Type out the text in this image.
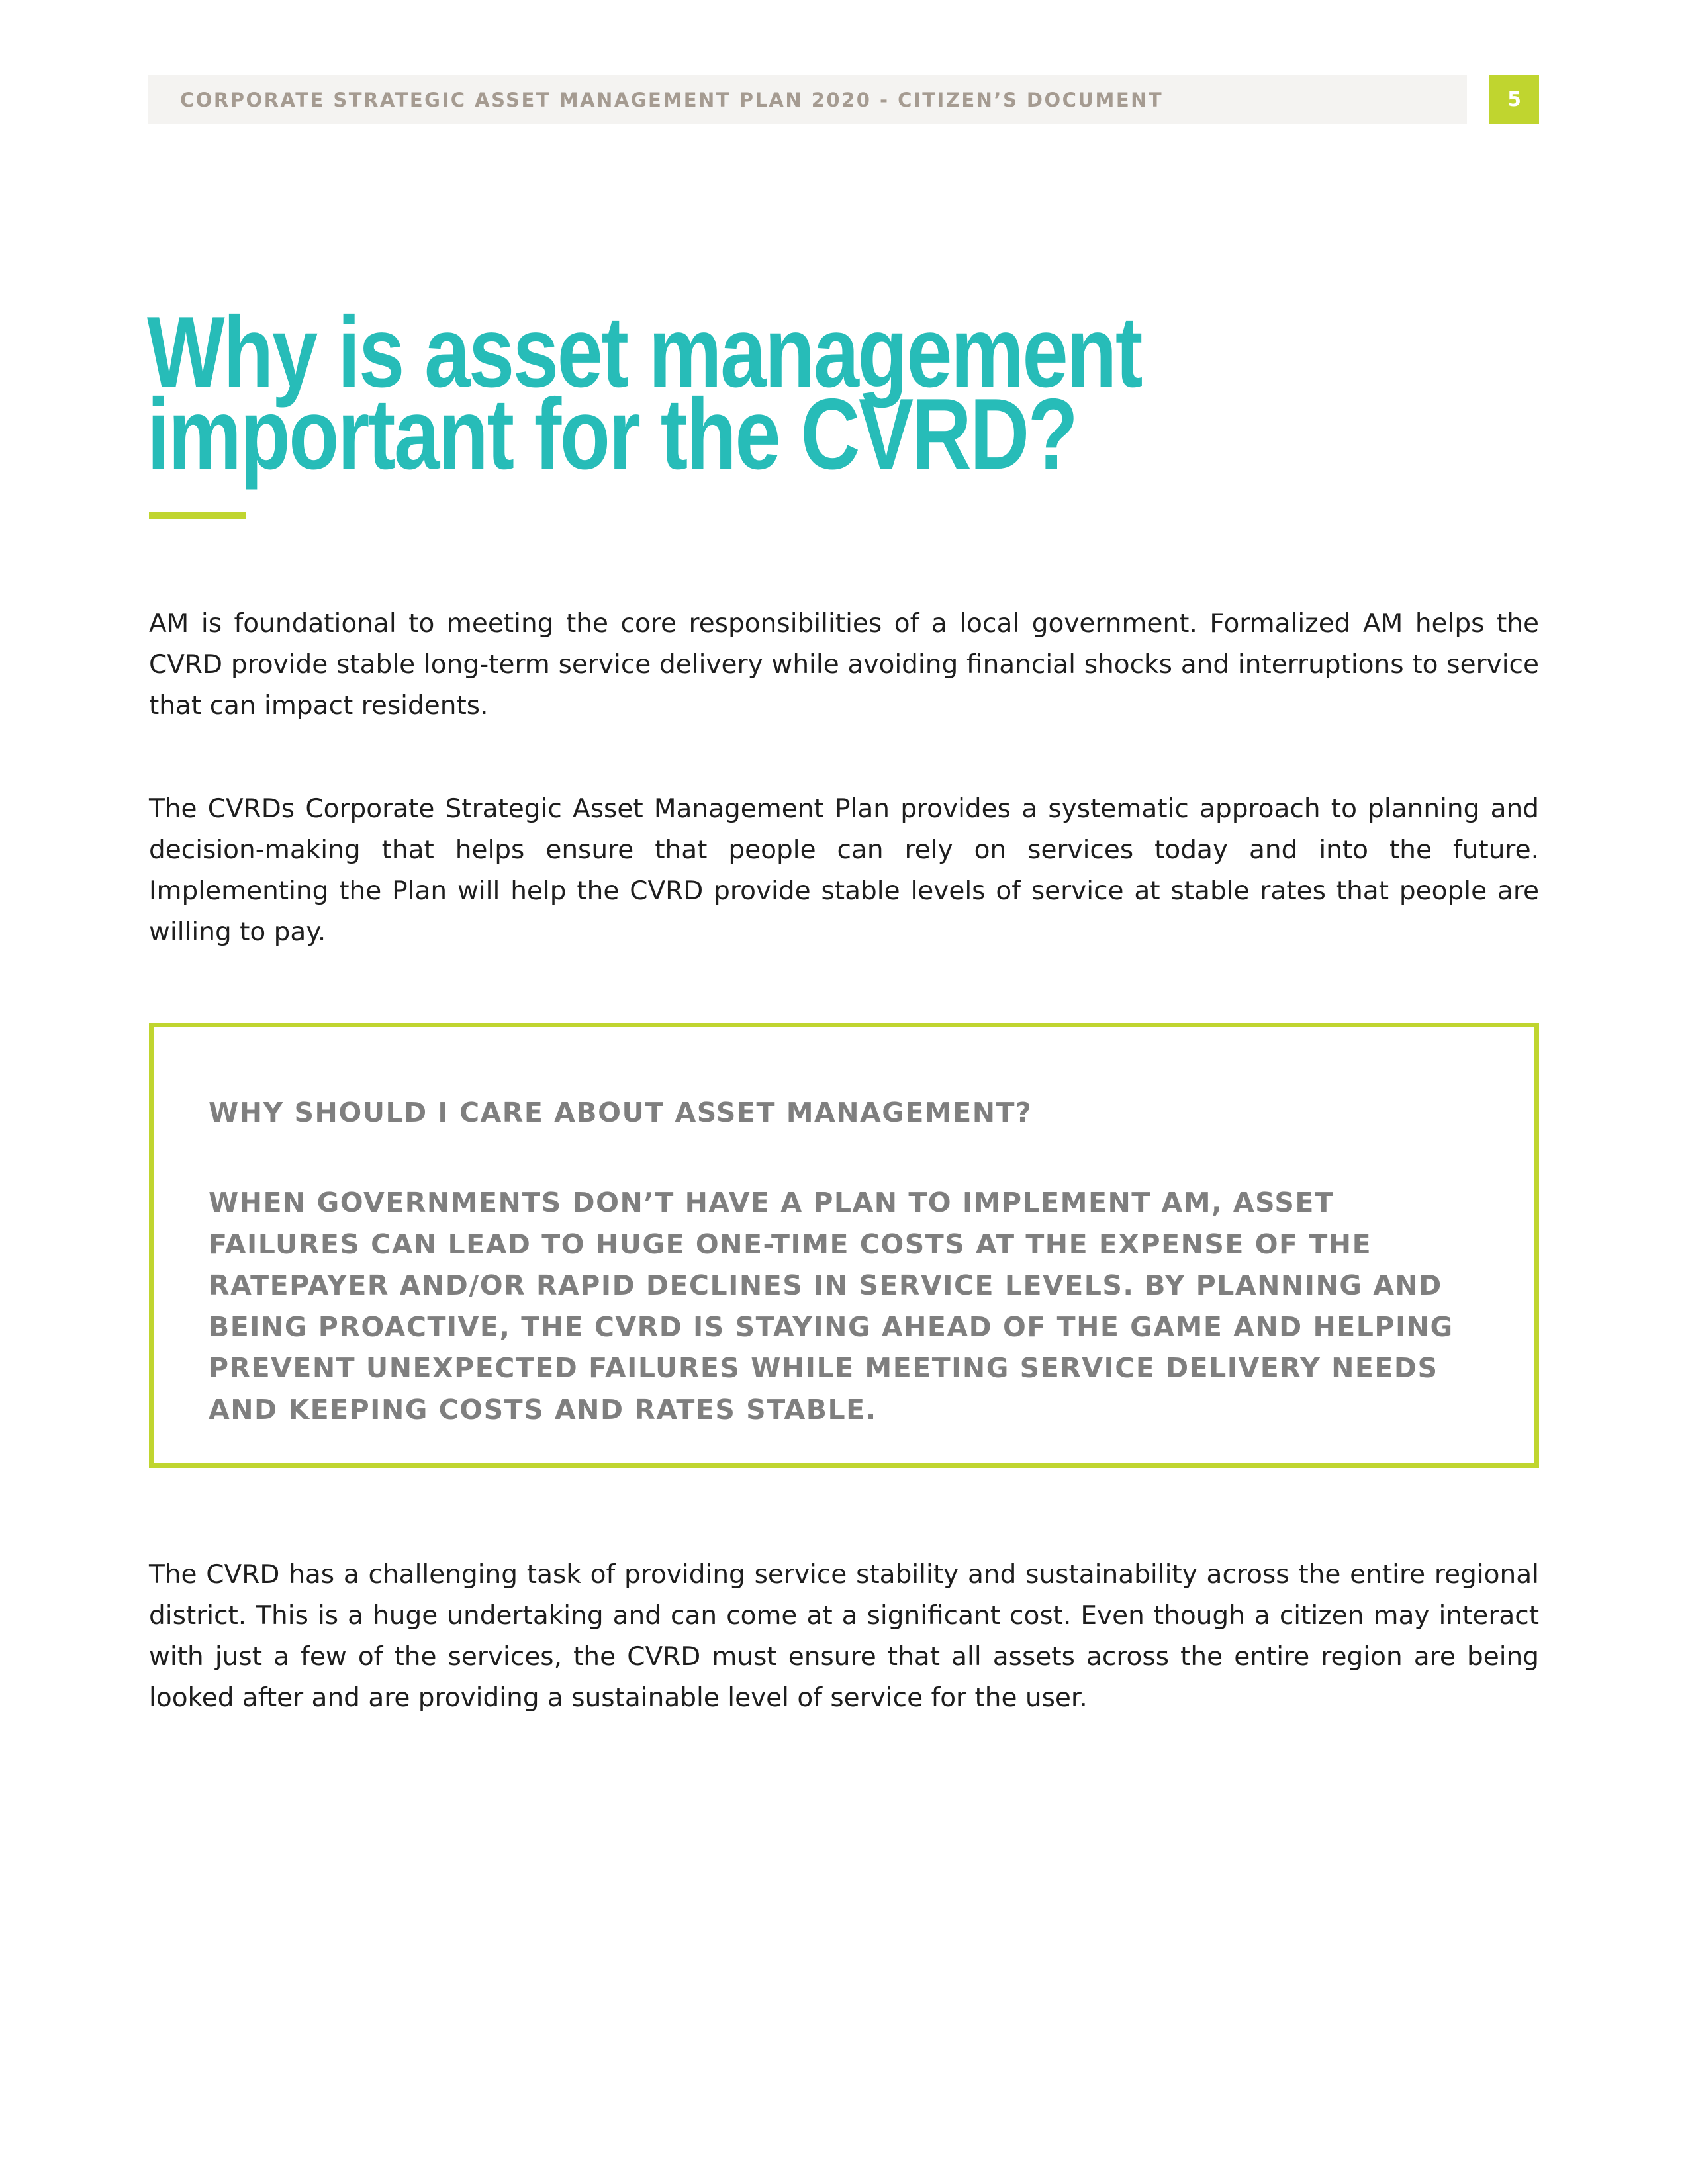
CORPORATE STRATEGIC ASSET MANAGEMENT PLAN 2020 - CITIZEN’S DOCUMENT	5
Why is asset management
important for the CVRD?

AM is foundational to meeting the core responsibilities of a local government. Formalized AM helps the CVRD provide stable long-term service delivery while avoiding financial shocks and interruptions to service that can impact residents.

The CVRDs Corporate Strategic Asset Management Plan provides a systematic approach to planning and decision-making that helps ensure that people can rely on services today and into the future. Implementing the Plan will help the CVRD provide stable levels of service at stable rates that people are willing to pay.

WHY SHOULD I CARE ABOUT ASSET MANAGEMENT?

WHEN GOVERNMENTS DON’T HAVE A PLAN TO IMPLEMENT AM, ASSET FAILURES CAN LEAD TO HUGE ONE-TIME COSTS AT THE EXPENSE OF THE RATEPAYER AND/OR RAPID DECLINES IN SERVICE LEVELS. BY PLANNING AND BEING PROACTIVE, THE CVRD IS STAYING AHEAD OF THE GAME AND HELPING PREVENT UNEXPECTED FAILURES WHILE MEETING SERVICE DELIVERY NEEDS AND KEEPING COSTS AND RATES STABLE.

The CVRD has a challenging task of providing service stability and sustainability across the entire regional district. This is a huge undertaking and can come at a significant cost. Even though a citizen may interact with just a few of the services, the CVRD must ensure that all assets across the entire region are being looked after and are providing a sustainable level of service for the user.
